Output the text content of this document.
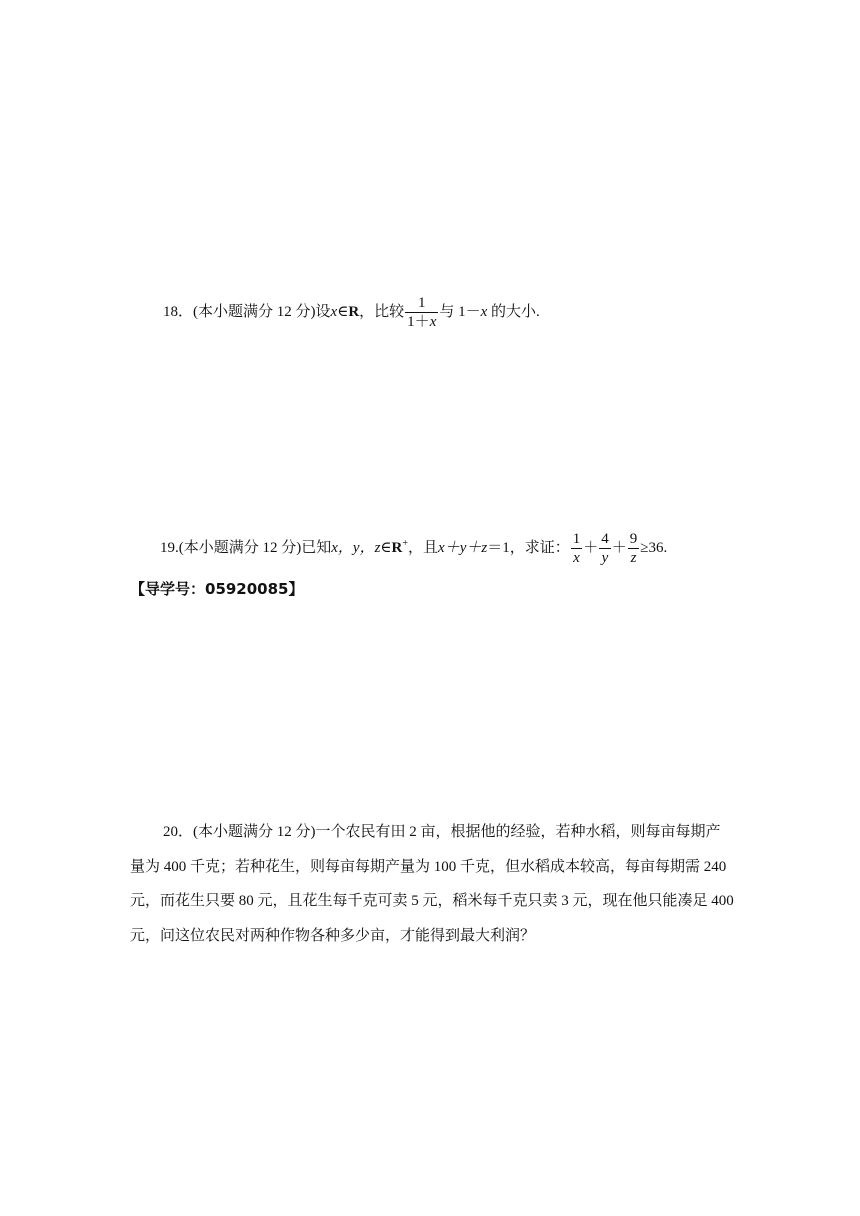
18．(本小题满分 12 分)设x∈R，比较 $\frac{1}{1+x}$ 与 1－x 的大小.
19.(本小题满分 12 分)已知x，y，z∈R+，且x＋y＋z＝1，求证： $\frac{1}{x} + \frac{4}{y} + \frac{9}{z} \ge 36$.
【导学号：05920085】
20．(本小题满分 12 分)一个农民有田 2 亩，根据他的经验，若种水稻，则每亩每期产量为 400 千克；若种花生，则每亩每期产量为 100 千克，但水稻成本较高，每亩每期需 240 元，而花生只要 80 元，且花生每千克可卖 5 元，稻米每千克只卖 3 元，现在他只能凑足 400 元，问这位农民对两种作物各种多少亩，才能得到最大利润？
